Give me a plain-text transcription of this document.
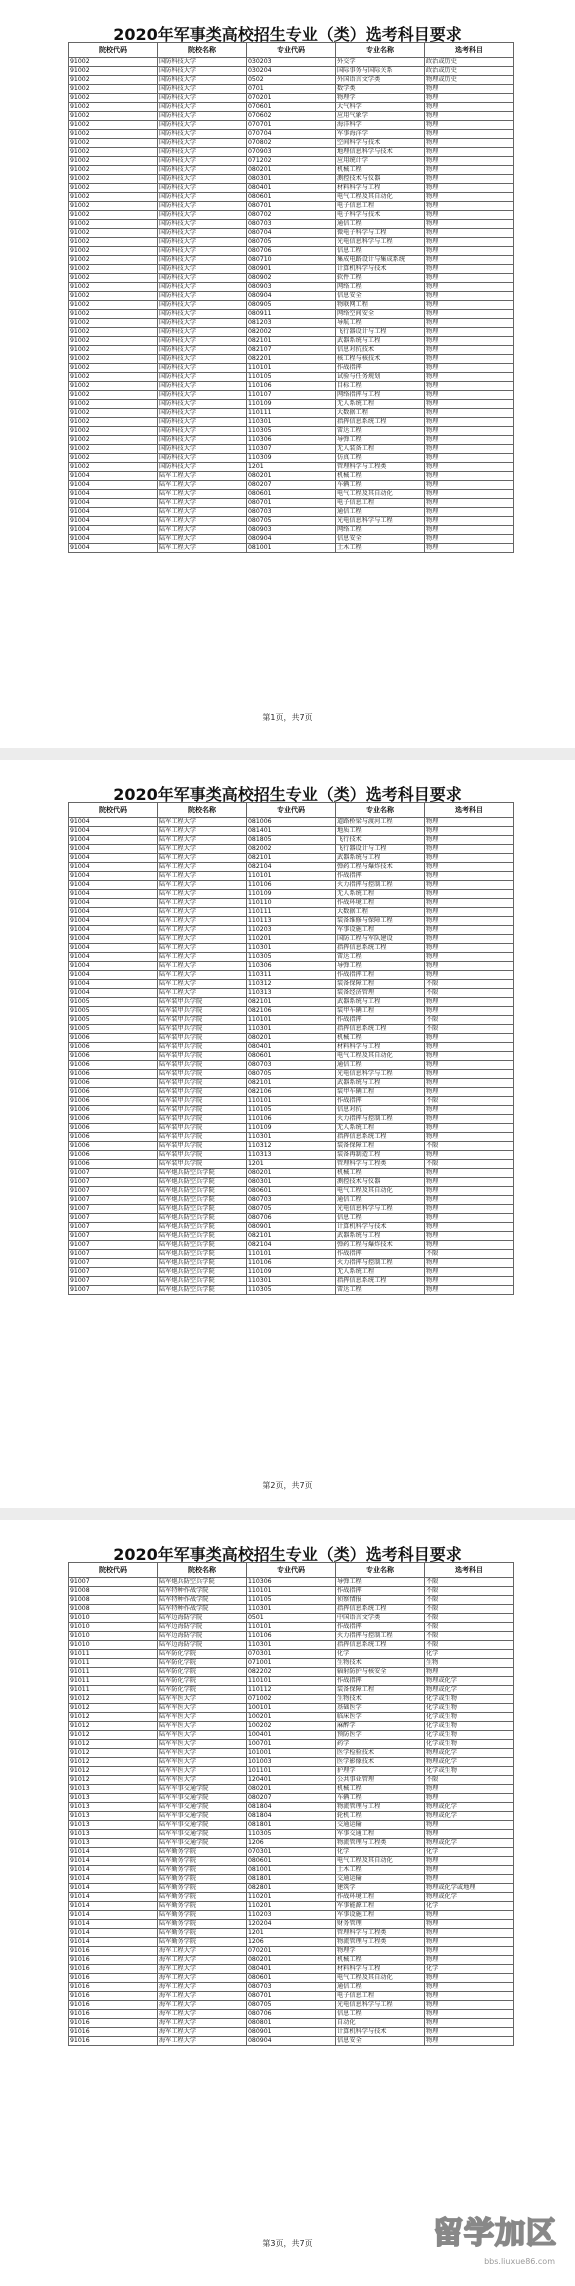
2020年军事类高校招生专业（类）选考科目要求
院校代码	院校名称	专业代码	专业名称	选考科目
91002	国防科技大学	030203	外交学	政治或历史
91002	国防科技大学	030204	国际事务与国际关系	政治或历史
91002	国防科技大学	0502	外国语言文学类	物理或历史
91002	国防科技大学	0701	数学类	物理
91002	国防科技大学	070201	物理学	物理
91002	国防科技大学	070601	大气科学	物理
91002	国防科技大学	070602	应用气象学	物理
91002	国防科技大学	070701	海洋科学	物理
91002	国防科技大学	070704	军事海洋学	物理
91002	国防科技大学	070802	空间科学与技术	物理
91002	国防科技大学	070903	地理信息科学与技术	物理
91002	国防科技大学	071202	应用统计学	物理
91002	国防科技大学	080201	机械工程	物理
91002	国防科技大学	080301	测控技术与仪器	物理
91002	国防科技大学	080401	材料科学与工程	物理
91002	国防科技大学	080601	电气工程及其自动化	物理
91002	国防科技大学	080701	电子信息工程	物理
91002	国防科技大学	080702	电子科学与技术	物理
91002	国防科技大学	080703	通信工程	物理
91002	国防科技大学	080704	微电子科学与工程	物理
91002	国防科技大学	080705	光电信息科学与工程	物理
91002	国防科技大学	080706	信息工程	物理
91002	国防科技大学	080710	集成电路设计与集成系统	物理
91002	国防科技大学	080901	计算机科学与技术	物理
91002	国防科技大学	080902	软件工程	物理
91002	国防科技大学	080903	网络工程	物理
91002	国防科技大学	080904	信息安全	物理
91002	国防科技大学	080905	物联网工程	物理
91002	国防科技大学	080911	网络空间安全	物理
91002	国防科技大学	081203	导航工程	物理
91002	国防科技大学	082002	飞行器设计与工程	物理
91002	国防科技大学	082101	武器系统与工程	物理
91002	国防科技大学	082107	信息对抗技术	物理
91002	国防科技大学	082201	核工程与核技术	物理
91002	国防科技大学	110101	作战指挥	物理
91002	国防科技大学	110105	试验与任务规划	物理
91002	国防科技大学	110106	目标工程	物理
91002	国防科技大学	110107	网络指挥与工程	物理
91002	国防科技大学	110109	无人系统工程	物理
91002	国防科技大学	110111	大数据工程	物理
91002	国防科技大学	110301	指挥信息系统工程	物理
91002	国防科技大学	110305	雷达工程	物理
91002	国防科技大学	110306	导弹工程	物理
91002	国防科技大学	110307	无人装备工程	物理
91002	国防科技大学	110309	仿真工程	物理
91002	国防科技大学	1201	管理科学与工程类	物理
91004	陆军工程大学	080201	机械工程	物理
91004	陆军工程大学	080207	车辆工程	物理
91004	陆军工程大学	080601	电气工程及其自动化	物理
91004	陆军工程大学	080701	电子信息工程	物理
91004	陆军工程大学	080703	通信工程	物理
91004	陆军工程大学	080705	光电信息科学与工程	物理
91004	陆军工程大学	080903	网络工程	物理
91004	陆军工程大学	080904	信息安全	物理
91004	陆军工程大学	081001	土木工程	物理
第1页，共7页
2020年军事类高校招生专业（类）选考科目要求
院校代码	院校名称	专业代码	专业名称	选考科目
91004	陆军工程大学	081006	道路桥梁与渡河工程	物理
91004	陆军工程大学	081401	地质工程	物理
91004	陆军工程大学	081805	飞行技术	物理
91004	陆军工程大学	082002	飞行器设计与工程	物理
91004	陆军工程大学	082101	武器系统与工程	物理
91004	陆军工程大学	082104	弹药工程与爆炸技术	物理
91004	陆军工程大学	110101	作战指挥	物理
91004	陆军工程大学	110106	火力指挥与控制工程	物理
91004	陆军工程大学	110109	无人系统工程	物理
91004	陆军工程大学	110110	作战环境工程	物理
91004	陆军工程大学	110111	大数据工程	物理
91004	陆军工程大学	110113	装备维修与保障工程	物理
91004	陆军工程大学	110203	军事设施工程	物理
91004	陆军工程大学	110201	国防工程与军队建设	物理
91004	陆军工程大学	110301	指挥信息系统工程	物理
91004	陆军工程大学	110305	雷达工程	物理
91004	陆军工程大学	110306	导弹工程	物理
91004	陆军工程大学	110311	作战指挥工程	物理
91004	陆军工程大学	110312	装备保障工程	不限
91004	陆军工程大学	110313	装备经济管理	不限
91005	陆军装甲兵学院	082101	武器系统与工程	物理
91005	陆军装甲兵学院	082106	装甲车辆工程	物理
91005	陆军装甲兵学院	110101	作战指挥	不限
91005	陆军装甲兵学院	110301	指挥信息系统工程	不限
91006	陆军装甲兵学院	080201	机械工程	物理
91006	陆军装甲兵学院	080401	材料科学与工程	物理
91006	陆军装甲兵学院	080601	电气工程及其自动化	物理
91006	陆军装甲兵学院	080703	通信工程	物理
91006	陆军装甲兵学院	080705	光电信息科学与工程	物理
91006	陆军装甲兵学院	082101	武器系统与工程	物理
91006	陆军装甲兵学院	082106	装甲车辆工程	物理
91006	陆军装甲兵学院	110101	作战指挥	不限
91006	陆军装甲兵学院	110105	信息对抗	物理
91006	陆军装甲兵学院	110106	火力指挥与控制工程	物理
91006	陆军装甲兵学院	110109	无人系统工程	物理
91006	陆军装甲兵学院	110301	指挥信息系统工程	物理
91006	陆军装甲兵学院	110312	装备保障工程	不限
91006	陆军装甲兵学院	110313	装备再制造工程	物理
91006	陆军装甲兵学院	1201	管理科学与工程类	不限
91007	陆军炮兵防空兵学院	080201	机械工程	物理
91007	陆军炮兵防空兵学院	080301	测控技术与仪器	物理
91007	陆军炮兵防空兵学院	080601	电气工程及其自动化	物理
91007	陆军炮兵防空兵学院	080703	通信工程	物理
91007	陆军炮兵防空兵学院	080705	光电信息科学与工程	物理
91007	陆军炮兵防空兵学院	080706	信息工程	物理
91007	陆军炮兵防空兵学院	080901	计算机科学与技术	物理
91007	陆军炮兵防空兵学院	082101	武器系统与工程	物理
91007	陆军炮兵防空兵学院	082104	弹药工程与爆炸技术	物理
91007	陆军炮兵防空兵学院	110101	作战指挥	不限
91007	陆军炮兵防空兵学院	110106	火力指挥与控制工程	物理
91007	陆军炮兵防空兵学院	110109	无人系统工程	物理
91007	陆军炮兵防空兵学院	110301	指挥信息系统工程	物理
91007	陆军炮兵防空兵学院	110305	雷达工程	物理
第2页，共7页
2020年军事类高校招生专业（类）选考科目要求
院校代码	院校名称	专业代码	专业名称	选考科目
91007	陆军炮兵防空兵学院	110306	导弹工程	不限
91008	陆军特种作战学院	110101	作战指挥	不限
91008	陆军特种作战学院	110105	侦察情报	不限
91008	陆军特种作战学院	110301	指挥信息系统工程	不限
91010	陆军边海防学院	0501	中国语言文学类	不限
91010	陆军边海防学院	110101	作战指挥	不限
91010	陆军边海防学院	110106	火力指挥与控制工程	不限
91010	陆军边海防学院	110301	指挥信息系统工程	不限
91011	陆军防化学院	070301	化学	化学
91011	陆军防化学院	071001	生物技术	生物
91011	陆军防化学院	082202	辐射防护与核安全	物理
91011	陆军防化学院	110101	作战指挥	物理或化学
91011	陆军防化学院	110112	装备保障工程	物理或化学
91012	陆军军医大学	071002	生物技术	化学或生物
91012	陆军军医大学	100101	基础医学	化学或生物
91012	陆军军医大学	100201	临床医学	化学或生物
91012	陆军军医大学	100202	麻醉学	化学或生物
91012	陆军军医大学	100401	预防医学	化学或生物
91012	陆军军医大学	100701	药学	化学或生物
91012	陆军军医大学	101001	医学检验技术	物理或化学
91012	陆军军医大学	101003	医学影像技术	物理或化学
91012	陆军军医大学	101101	护理学	化学或生物
91012	陆军军医大学	120401	公共事业管理	不限
91013	陆军军事交通学院	080201	机械工程	物理
91013	陆军军事交通学院	080207	车辆工程	物理
91013	陆军军事交通学院	081804	物流管理与工程	物理或化学
91013	陆军军事交通学院	081804	轮机工程	物理或化学
91013	陆军军事交通学院	081801	交通运输	物理
91013	陆军军事交通学院	110305	军事交通工程	物理
91013	陆军军事交通学院	1206	物流管理与工程类	物理或化学
91014	陆军勤务学院	070301	化学	化学
91014	陆军勤务学院	080601	电气工程及其自动化	物理
91014	陆军勤务学院	081001	土木工程	物理
91014	陆军勤务学院	081801	交通运输	物理
91014	陆军勤务学院	082801	建筑学	物理或化学或地理
91014	陆军勤务学院	110201	作战环境工程	物理或化学
91014	陆军勤务学院	110201	军事能源工程	化学
91014	陆军勤务学院	110203	军事设施工程	物理
91014	陆军勤务学院	120204	财务管理	物理
91014	陆军勤务学院	1201	管理科学与工程类	物理
91014	陆军勤务学院	1206	物流管理与工程类	物理
91016	海军工程大学	070201	物理学	物理
91016	海军工程大学	080201	机械工程	物理
91016	海军工程大学	080401	材料科学与工程	化学
91016	海军工程大学	080601	电气工程及其自动化	物理
91016	海军工程大学	080703	通信工程	物理
91016	海军工程大学	080701	电子信息工程	物理
91016	海军工程大学	080705	光电信息科学与工程	物理
91016	海军工程大学	080706	信息工程	物理
91016	海军工程大学	080801	自动化	物理
91016	海军工程大学	080901	计算机科学与技术	物理
91016	海军工程大学	080904	信息安全	物理
第3页，共7页	留学加区
bbs.liuxue86.com
